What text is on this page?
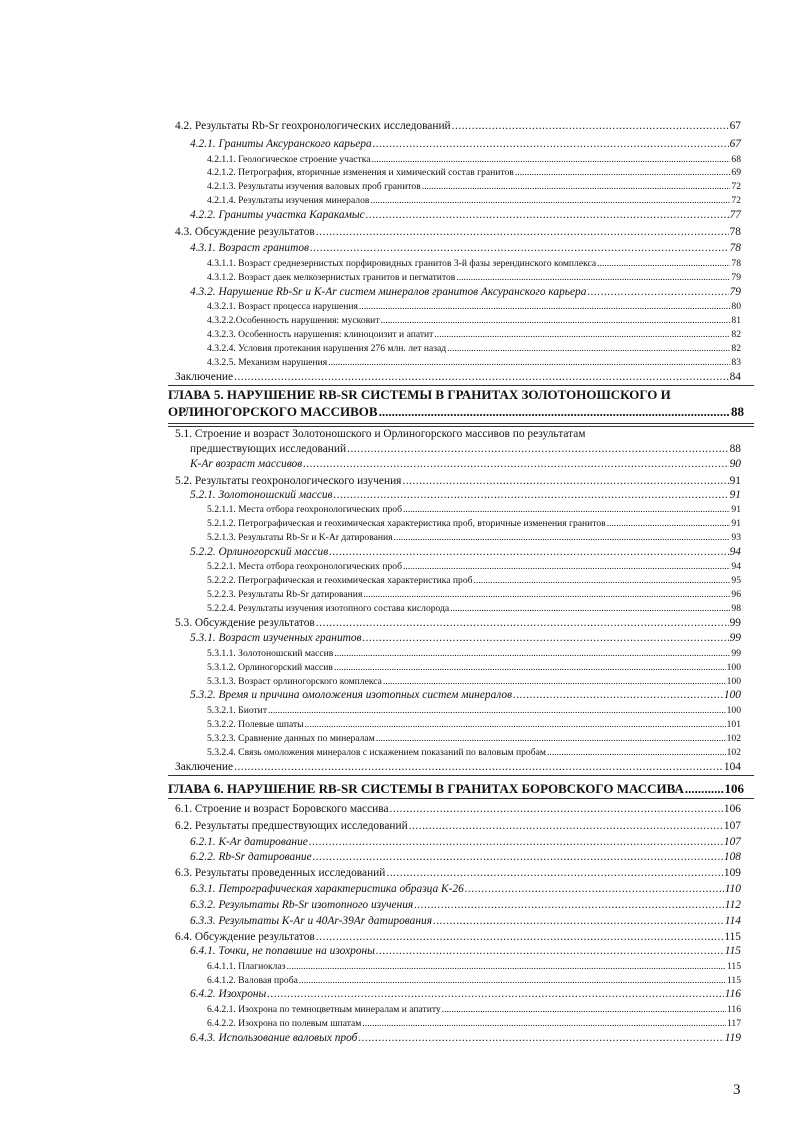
4.2. Результаты Rb-Sr геохронологических исследований .....	67
4.2.1. Граниты Аксуранского карьера .....	67
4.2.1.1. Геологическое строение участка .....	68
4.2.1.2. Петрография, вторичные изменения и химический состав гранитов .....	69
4.2.1.3. Результаты изучения валовых проб гранитов .....	72
4.2.1.4. Результаты изучения минералов .....	72
4.2.2. Граниты участка Каракамыс .....	77
4.3. Обсуждение результатов .....	78
4.3.1. Возраст гранитов .....	78
4.3.1.1. Возраст среднезернистых порфировидных гранитов 3-й фазы зерендинского комплекса .....	78
4.3.1.2. Возраст даек мелкозернистых гранитов и пегматитов .....	79
4.3.2. Нарушение Rb-Sr и K-Ar систем минералов гранитов Аксуранского карьера .....	79
4.3.2.1. Возраст процесса нарушения .....	80
4.3.2.2.Особенность нарушения: мусковит .....	81
4.3.2.3. Особенность нарушения: клиноцоизит и апатит .....	82
4.3.2.4. Условия протекания нарушения 276 млн. лет назад .....	82
4.3.2.5. Механизм нарушения .....	83
Заключение .....	84
ГЛАВА 5. НАРУШЕНИЕ RB-SR СИСТЕМЫ В ГРАНИТАХ ЗОЛОТОНОШСКОГО И
ОРЛИНОГОРСКОГО МАССИВОВ .....	88
5.1. Строение и возраст Золотоношского и Орлиногорского массивов по результатам
предшествующих исследований .....	88
K-Ar возраст массивов .....	90
5.2. Результаты геохронологического изучения .....	91
5.2.1. Золотоношский массив .....	91
5.2.1.1. Места отбора геохронологических проб .....	91
5.2.1.2. Петрографическая и геохимическая характеристика проб, вторичные изменения гранитов .....	91
5.2.1.3. Результаты Rb-Sr и K-Ar датирования .....	93
5.2.2. Орлиногорский массив .....	94
5.2.2.1. Места отбора геохронологических проб .....	94
5.2.2.2. Петрографическая и геохимическая характеристика проб .....	95
5.2.2.3. Результаты Rb-Sr датирования .....	96
5.2.2.4. Результаты изучения изотопного состава кислорода .....	98
5.3. Обсуждение результатов .....	99
5.3.1. Возраст изученных гранитов .....	99
5.3.1.1. Золотоношский массив .....	99
5.3.1.2. Орлиногорский массив .....	100
5.3.1.3. Возраст орлиногорского комплекса .....	100
5.3.2. Время и причина омоложения изотопных систем минералов .....	100
5.3.2.1. Биотит .....	100
5.3.2.2. Полевые шпаты .....	101
5.3.2.3. Сравнение данных по минералам .....	102
5.3.2.4. Связь омоложения минералов с искажением показаний по валовым пробам .....	102
Заключение .....	104
ГЛАВА 6. НАРУШЕНИЕ RB-SR СИСТЕМЫ В ГРАНИТАХ БОРОВСКОГО МАССИВА .....	106
6.1. Строение и возраст Боровского массива .....	106
6.2. Результаты предшествующих исследований .....	107
6.2.1. K-Ar датирование .....	107
6.2.2. Rb-Sr датирование .....	108
6.3. Результаты проведенных исследований .....	109
6.3.1. Петрографическая характеристика образца К-26 .....	110
6.3.2. Результаты Rb-Sr изотопного изучения .....	112
6.3.3. Результаты K-Ar и 40Ar-39Ar датирования .....	114
6.4. Обсуждение результатов .....	115
6.4.1. Точки, не попавшие на изохроны .....	115
6.4.1.1. Плагиоклаз .....	115
6.4.1.2. Валовая проба .....	115
6.4.2. Изохроны .....	116
6.4.2.1. Изохрона по темноцветным минералам и апатиту .....	116
6.4.2.2. Изохрона по полевым шпатам .....	117
6.4.3. Использование валовых проб .....	119
3
